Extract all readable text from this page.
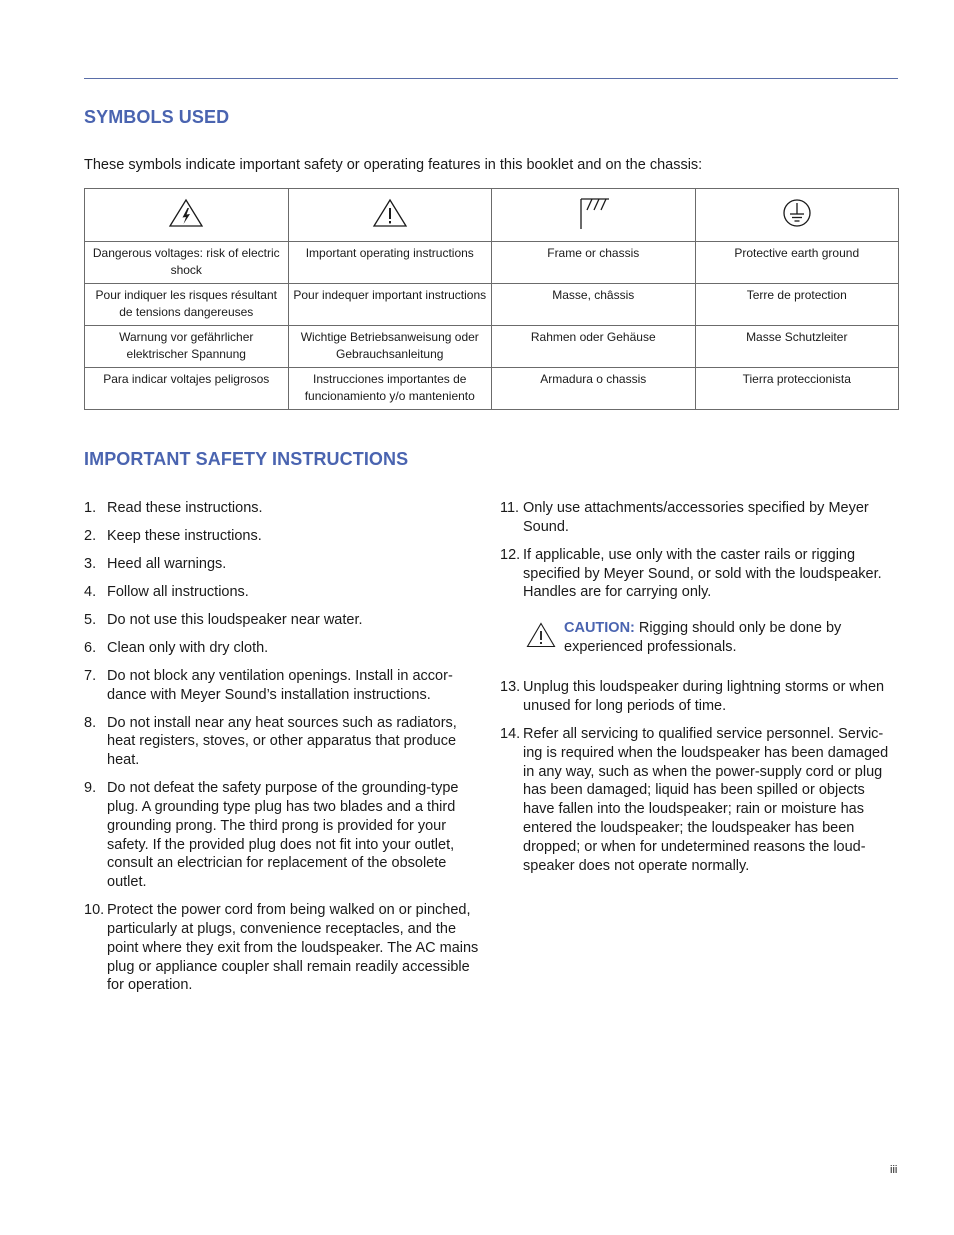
SYMBOLS USED
These symbols indicate important safety or operating features in this booklet and on the chassis:

Dangerous voltages: risk of electric shock	Important operating instructions	Frame or chassis	Protective earth ground
Pour indiquer les risques résultant de tensions dangereuses	Pour indequer important instructions	Masse, châssis	Terre de protection
Warnung vor gefährlicher elektrischer Spannung	Wichtige Betriebsanweisung oder Gebrauchsanleitung	Rahmen oder Gehäuse	Masse Schutzleiter
Para indicar voltajes peligrosos	Instrucciones importantes de funcionamiento y/o manteniento	Armadura o chassis	Tierra proteccionista
IMPORTANT SAFETY INSTRUCTIONS
1. Read these instructions.
2. Keep these instructions.
3. Heed all warnings.
4. Follow all instructions.
5. Do not use this loudspeaker near water.
6. Clean only with dry cloth.
7. Do not block any ventilation openings. Install in accor-dance with Meyer Sound’s installation instructions.
8. Do not install near any heat sources such as radiators, heat registers, stoves, or other apparatus that produce heat.
9. Do not defeat the safety purpose of the grounding-type plug. A grounding type plug has two blades and a third grounding prong. The third prong is provided for your safety. If the provided plug does not fit into your outlet, consult an electrician for replacement of the obsolete outlet.
10. Protect the power cord from being walked on or pinched, particularly at plugs, convenience receptacles, and the point where they exit from the loudspeaker. The AC mains plug or appliance coupler shall remain readily accessible for operation.
11. Only use attachments/accessories specified by Meyer Sound.
12. If applicable, use only with the caster rails or rigging specified by Meyer Sound, or sold with the loudspeaker. Handles are for carrying only.
CAUTION: Rigging should only be done by experienced professionals.
13. Unplug this loudspeaker during lightning storms or when unused for long periods of time.
14. Refer all servicing to qualified service personnel. Servic-ing is required when the loudspeaker has been damaged in any way, such as when the power-supply cord or plug has been damaged; liquid has been spilled or objects have fallen into the loudspeaker; rain or moisture has entered the loudspeaker; the loudspeaker has been dropped; or when for undetermined reasons the loud-speaker does not operate normally.
iii
